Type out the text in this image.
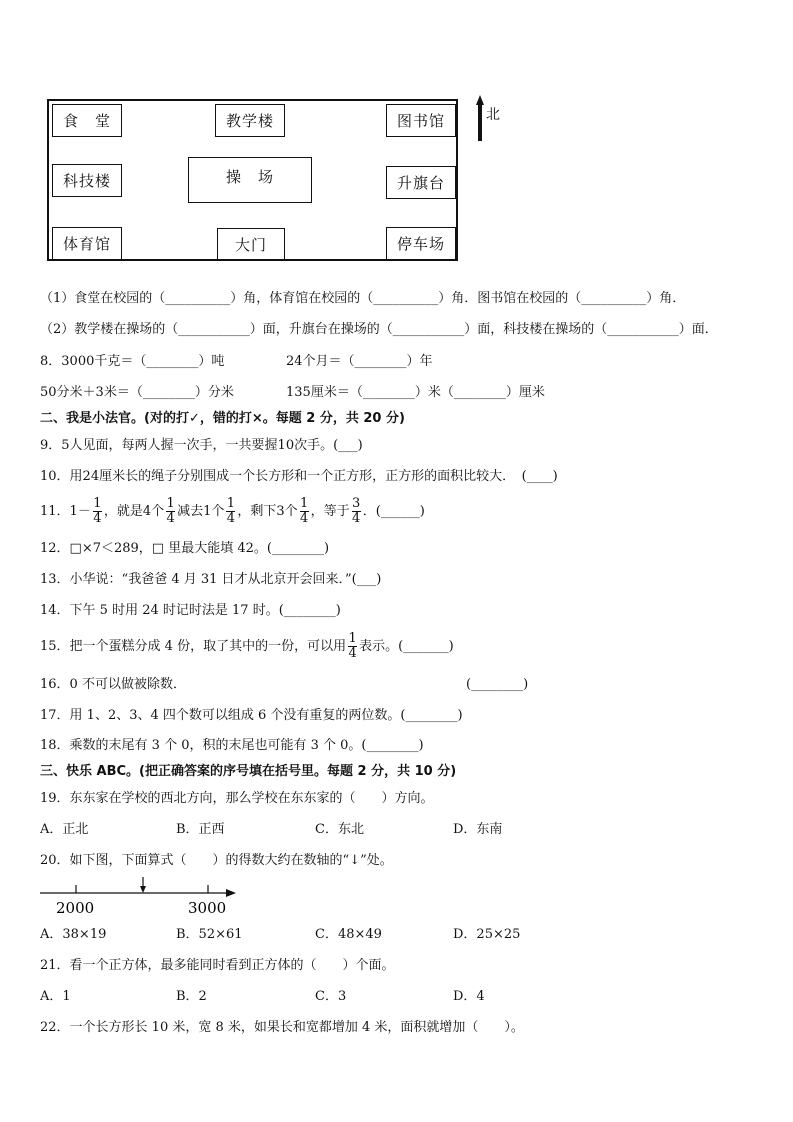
食　堂	教学楼	图书馆
科技楼	操　场	升旗台
体育馆	大门	停车场
北
（1）食堂在校园的（__________）角，体育馆在校园的（__________）角．图书馆在校园的（__________）角．
（2）教学楼在操场的（___________）面，升旗台在操场的（___________）面，科技楼在操场的（___________）面．
8．3000千克＝（________）吨	24个月＝（________）年
50分米＋3米＝（________）分米	135厘米＝（________）米（________）厘米
二、我是小法官。(对的打✓，错的打×。每题 2 分，共 20 分)
9．5人见面，每两人握一次手，一共要握10次手。(___)
10．用24厘米长的绳子分别围成一个长方形和一个正方形，正方形的面积比较大．　(____)
11．$1- \frac{1}{4}$ ，就是4个 $\frac{1}{4}$ 减去1个 $\frac{1}{4}$ ，剩下3个 $\frac{1}{4}$ ，等于 $\frac{3}{4}$ ．(______)
12．□×7＜289，□ 里最大能填 42。(________)
13．小华说：“我爸爸 4 月 31 日才从北京开会回来．”(___)
14．下午 5 时用 24 时记时法是 17 时。(________)
15．把一个蛋糕分成 4 份，取了其中的一份，可以用 $\frac{1}{4}$ 表示。(_______)
16．0 不可以做被除数．	(________)
17．用 1、2、3、4 四个数可以组成 6 个没有重复的两位数。(________)
18．乘数的末尾有 3 个 0，积的末尾也可能有 3 个 0。(________)
三、快乐 ABC。(把正确答案的序号填在括号里。每题 2 分，共 10 分)
19．东东家在学校的西北方向，那么学校在东东家的（　　）方向。
A．正北	B．正西	C．东北	D．东南
20．如下图，下面算式（　　）的得数大约在数轴的“↓”处。
2000	3000
A．38×19	B．52×61	C．48×49	D．25×25
21．看一个正方体，最多能同时看到正方体的（　　）个面。
A．1	B．2	C．3	D．4
22．一个长方形长 10 米，宽 8 米，如果长和宽都增加 4 米，面积就增加（　　）。
